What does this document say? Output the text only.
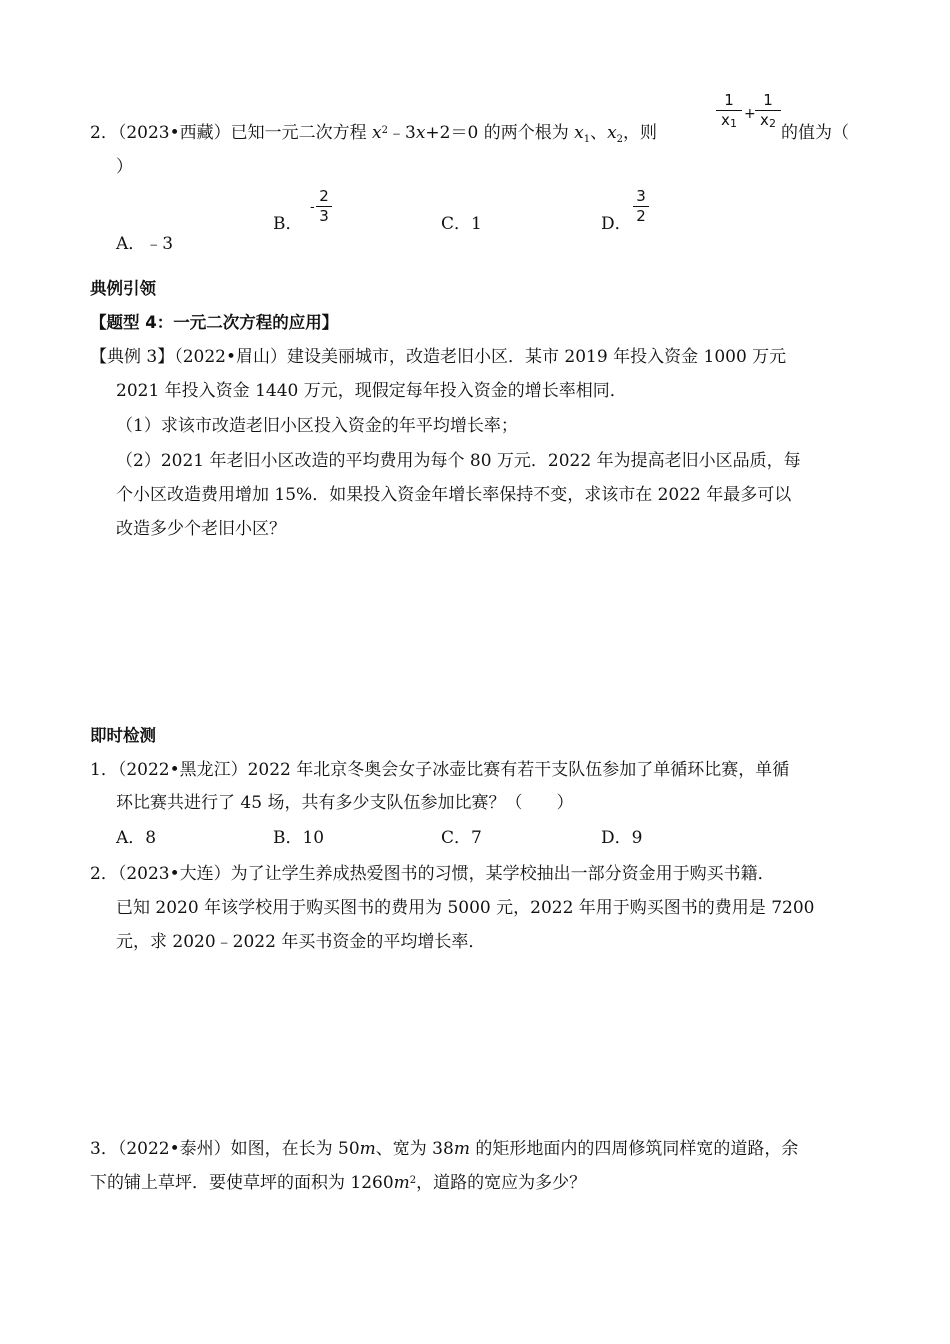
2．（2023•西藏）已知一元二次方程 $x^2﹣3x+2=0$ 的两个根为 $x_1$、$x_2$，则
1
x1
+
1
x2 的值为（
）
B．
-
2
3	C．1	D．
3
2
A．﹣3
典例引领
【题型 4：一元二次方程的应用】
【典例 3】（2022•眉山）建设美丽城市，改造老旧小区．某市 2019 年投入资金 1000 万元
2021 年投入资金 1440 万元，现假定每年投入资金的增长率相同．
（1）求该市改造老旧小区投入资金的年平均增长率；
（2）2021 年老旧小区改造的平均费用为每个 80 万元．2022 年为提高老旧小区品质，每
个小区改造费用增加 15%．如果投入资金年增长率保持不变，求该市在 2022 年最多可以
改造多少个老旧小区？
即时检测
1．（2022•黑龙江）2022 年北京冬奥会女子冰壶比赛有若干支队伍参加了单循环比赛，单循
环比赛共进行了 45 场，共有多少支队伍参加比赛？（　　）
A．8	B．10	C．7	D．9
2．（2023•大连）为了让学生养成热爱图书的习惯，某学校抽出一部分资金用于购买书籍．
已知 2020 年该学校用于购买图书的费用为 5000 元，2022 年用于购买图书的费用是 7200
元，求 2020﹣2022 年买书资金的平均增长率．
3．（2022•泰州）如图，在长为 50m、宽为 38m 的矩形地面内的四周修筑同样宽的道路，余
下的铺上草坪．要使草坪的面积为 $1260m^2$，道路的宽应为多少？
